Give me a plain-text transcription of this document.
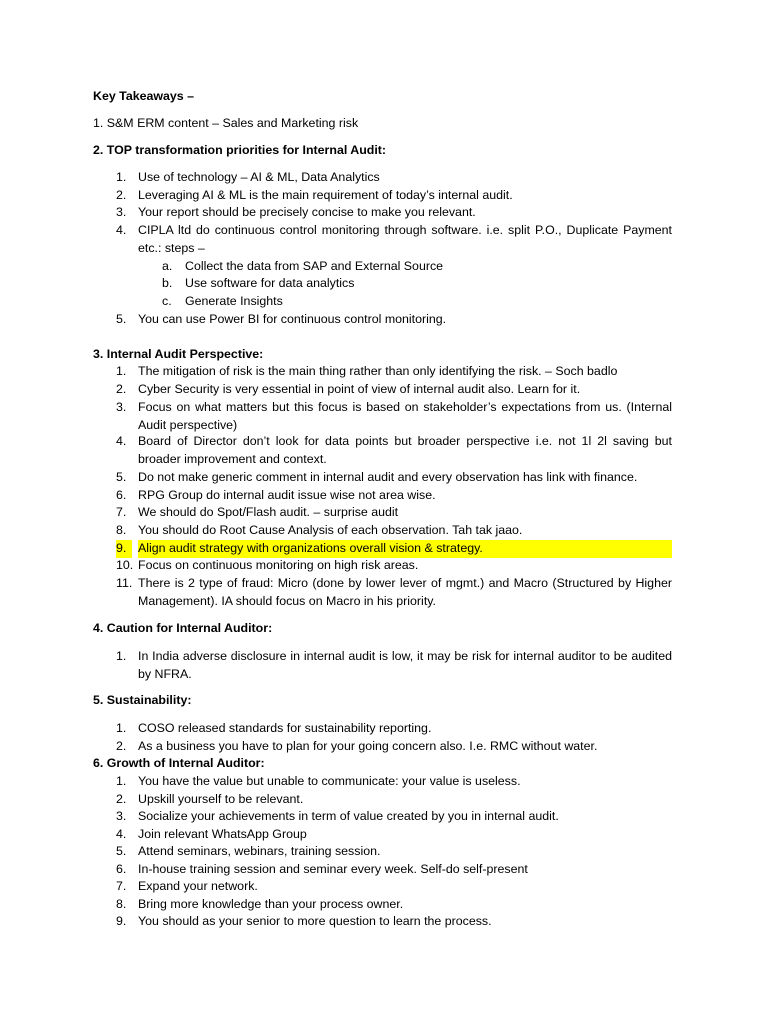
Key Takeaways –
1. S&M ERM content – Sales and Marketing risk
2. TOP transformation priorities for Internal Audit:
1. Use of technology – AI & ML, Data Analytics
2. Leveraging AI & ML is the main requirement of today’s internal audit.
3. Your report should be precisely concise to make you relevant.
4. CIPLA ltd do continuous control monitoring through software. i.e. split P.O., Duplicate Payment etc.: steps –
a. Collect the data from SAP and External Source
b. Use software for data analytics
c. Generate Insights
5. You can use Power BI for continuous control monitoring.
3. Internal Audit Perspective:
1. The mitigation of risk is the main thing rather than only identifying the risk. – Soch badlo
2. Cyber Security is very essential in point of view of internal audit also. Learn for it.
3. Focus on what matters but this focus is based on stakeholder’s expectations from us. (Internal Audit perspective)
4. Board of Director don’t look for data points but broader perspective i.e. not 1l 2l saving but broader improvement and context.
5. Do not make generic comment in internal audit and every observation has link with finance.
6. RPG Group do internal audit issue wise not area wise.
7. We should do Spot/Flash audit. – surprise audit
8. You should do Root Cause Analysis of each observation. Tah tak jaao.
9. Align audit strategy with organizations overall vision & strategy.
10. Focus on continuous monitoring on high risk areas.
11. There is 2 type of fraud: Micro (done by lower lever of mgmt.) and Macro (Structured by Higher Management). IA should focus on Macro in his priority.
4. Caution for Internal Auditor:
1. In India adverse disclosure in internal audit is low, it may be risk for internal auditor to be audited by NFRA.
5. Sustainability:
1. COSO released standards for sustainability reporting.
2. As a business you have to plan for your going concern also. I.e. RMC without water.
6. Growth of Internal Auditor:
1. You have the value but unable to communicate: your value is useless.
2. Upskill yourself to be relevant.
3. Socialize your achievements in term of value created by you in internal audit.
4. Join relevant WhatsApp Group
5. Attend seminars, webinars, training session.
6. In-house training session and seminar every week. Self-do self-present
7. Expand your network.
8. Bring more knowledge than your process owner.
9. You should as your senior to more question to learn the process.
